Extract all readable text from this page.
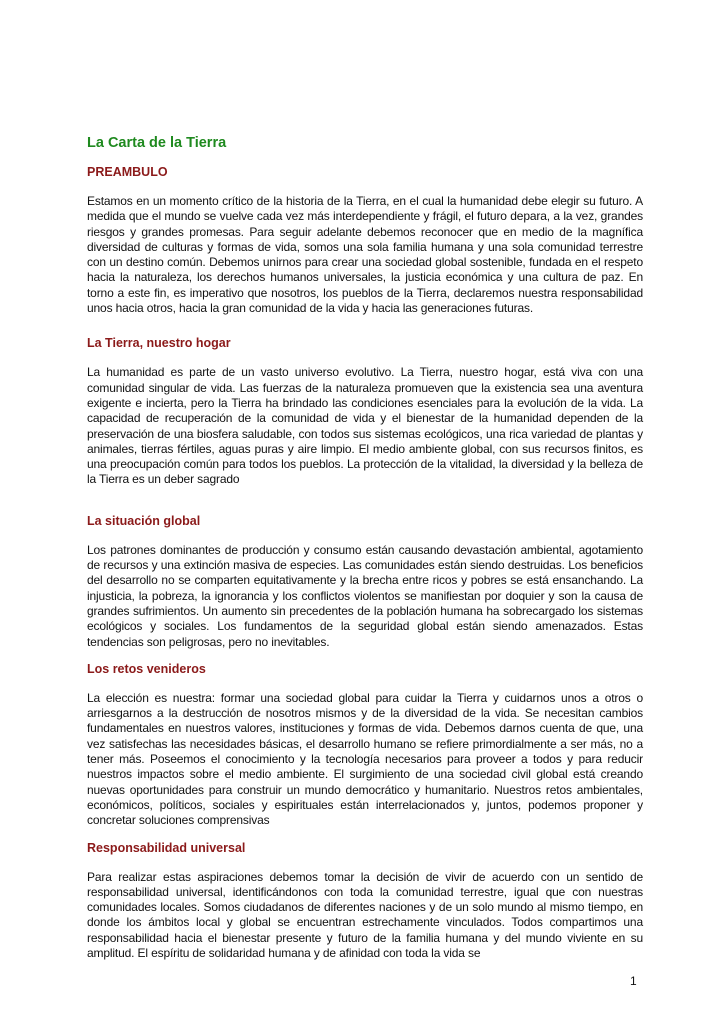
La Carta de la Tierra
PREAMBULO

Estamos en un momento crítico de la historia de la Tierra, en el cual la humanidad debe elegir su futuro. A medida que el mundo se vuelve cada vez más interdependiente y frágil, el futuro depara, a la vez, grandes riesgos y grandes promesas. Para seguir adelante debemos reconocer que en medio de la magnífica diversidad de culturas y formas de vida, somos una sola familia humana y una sola comunidad terrestre con un destino común. Debemos unirnos para crear una sociedad global sostenible, fundada en el respeto hacia la naturaleza, los derechos humanos universales, la justicia económica y una cultura de paz. En torno a este fin, es imperativo que nosotros, los pueblos de la Tierra, declaremos nuestra responsabilidad unos hacia otros, hacia la gran comunidad de la vida y hacia las generaciones futuras.

La Tierra, nuestro hogar

La humanidad es parte de un vasto universo evolutivo. La Tierra, nuestro hogar, está viva con una comunidad singular de vida. Las fuerzas de la naturaleza promueven que la existencia sea una aventura exigente e incierta, pero la Tierra ha brindado las condiciones esenciales para la evolución de la vida. La capacidad de recuperación de la comunidad de vida y el bienestar de la humanidad dependen de la preservación de una biosfera saludable, con todos sus sistemas ecológicos, una rica variedad de plantas y animales, tierras fértiles, aguas puras y aire limpio. El medio ambiente global, con sus recursos finitos, es una preocupación común para todos los pueblos. La protección de la vitalidad, la diversidad y la belleza de la Tierra es un deber sagrado

La situación global

Los patrones dominantes de producción y consumo están causando devastación ambiental, agotamiento de recursos y una extinción masiva de especies. Las comunidades están siendo destruidas. Los beneficios del desarrollo no se comparten equitativamente y la brecha entre ricos y pobres se está ensanchando. La injusticia, la pobreza, la ignorancia y los conflictos violentos se manifiestan por doquier y son la causa de grandes sufrimientos. Un aumento sin precedentes de la población humana ha sobrecargado los sistemas ecológicos y sociales. Los fundamentos de la seguridad global están siendo amenazados. Estas tendencias son peligrosas, pero no inevitables.

Los retos venideros

La elección es nuestra: formar una sociedad global para cuidar la Tierra y cuidarnos unos a otros o arriesgarnos a la destrucción de nosotros mismos y de la diversidad de la vida. Se necesitan cambios fundamentales en nuestros valores, instituciones y formas de vida. Debemos darnos cuenta de que, una vez satisfechas las necesidades básicas, el desarrollo humano se refiere primordialmente a ser más, no a tener más. Poseemos el conocimiento y la tecnología necesarios para proveer a todos y para reducir nuestros impactos sobre el medio ambiente. El surgimiento de una sociedad civil global está creando nuevas oportunidades para construir un mundo democrático y humanitario. Nuestros retos ambientales, económicos, políticos, sociales y espirituales están interrelacionados y, juntos, podemos proponer y concretar soluciones comprensivas

Responsabilidad universal

Para realizar estas aspiraciones debemos tomar la decisión de vivir de acuerdo con un sentido de responsabilidad universal, identificándonos con toda la comunidad terrestre, igual que con nuestras comunidades locales. Somos ciudadanos de diferentes naciones y de un solo mundo al mismo tiempo, en donde los ámbitos local y global se encuentran estrechamente vinculados. Todos compartimos una responsabilidad hacia el bienestar presente y futuro de la familia humana y del mundo viviente en su amplitud. El espíritu de solidaridad humana y de afinidad con toda la vida se

1
